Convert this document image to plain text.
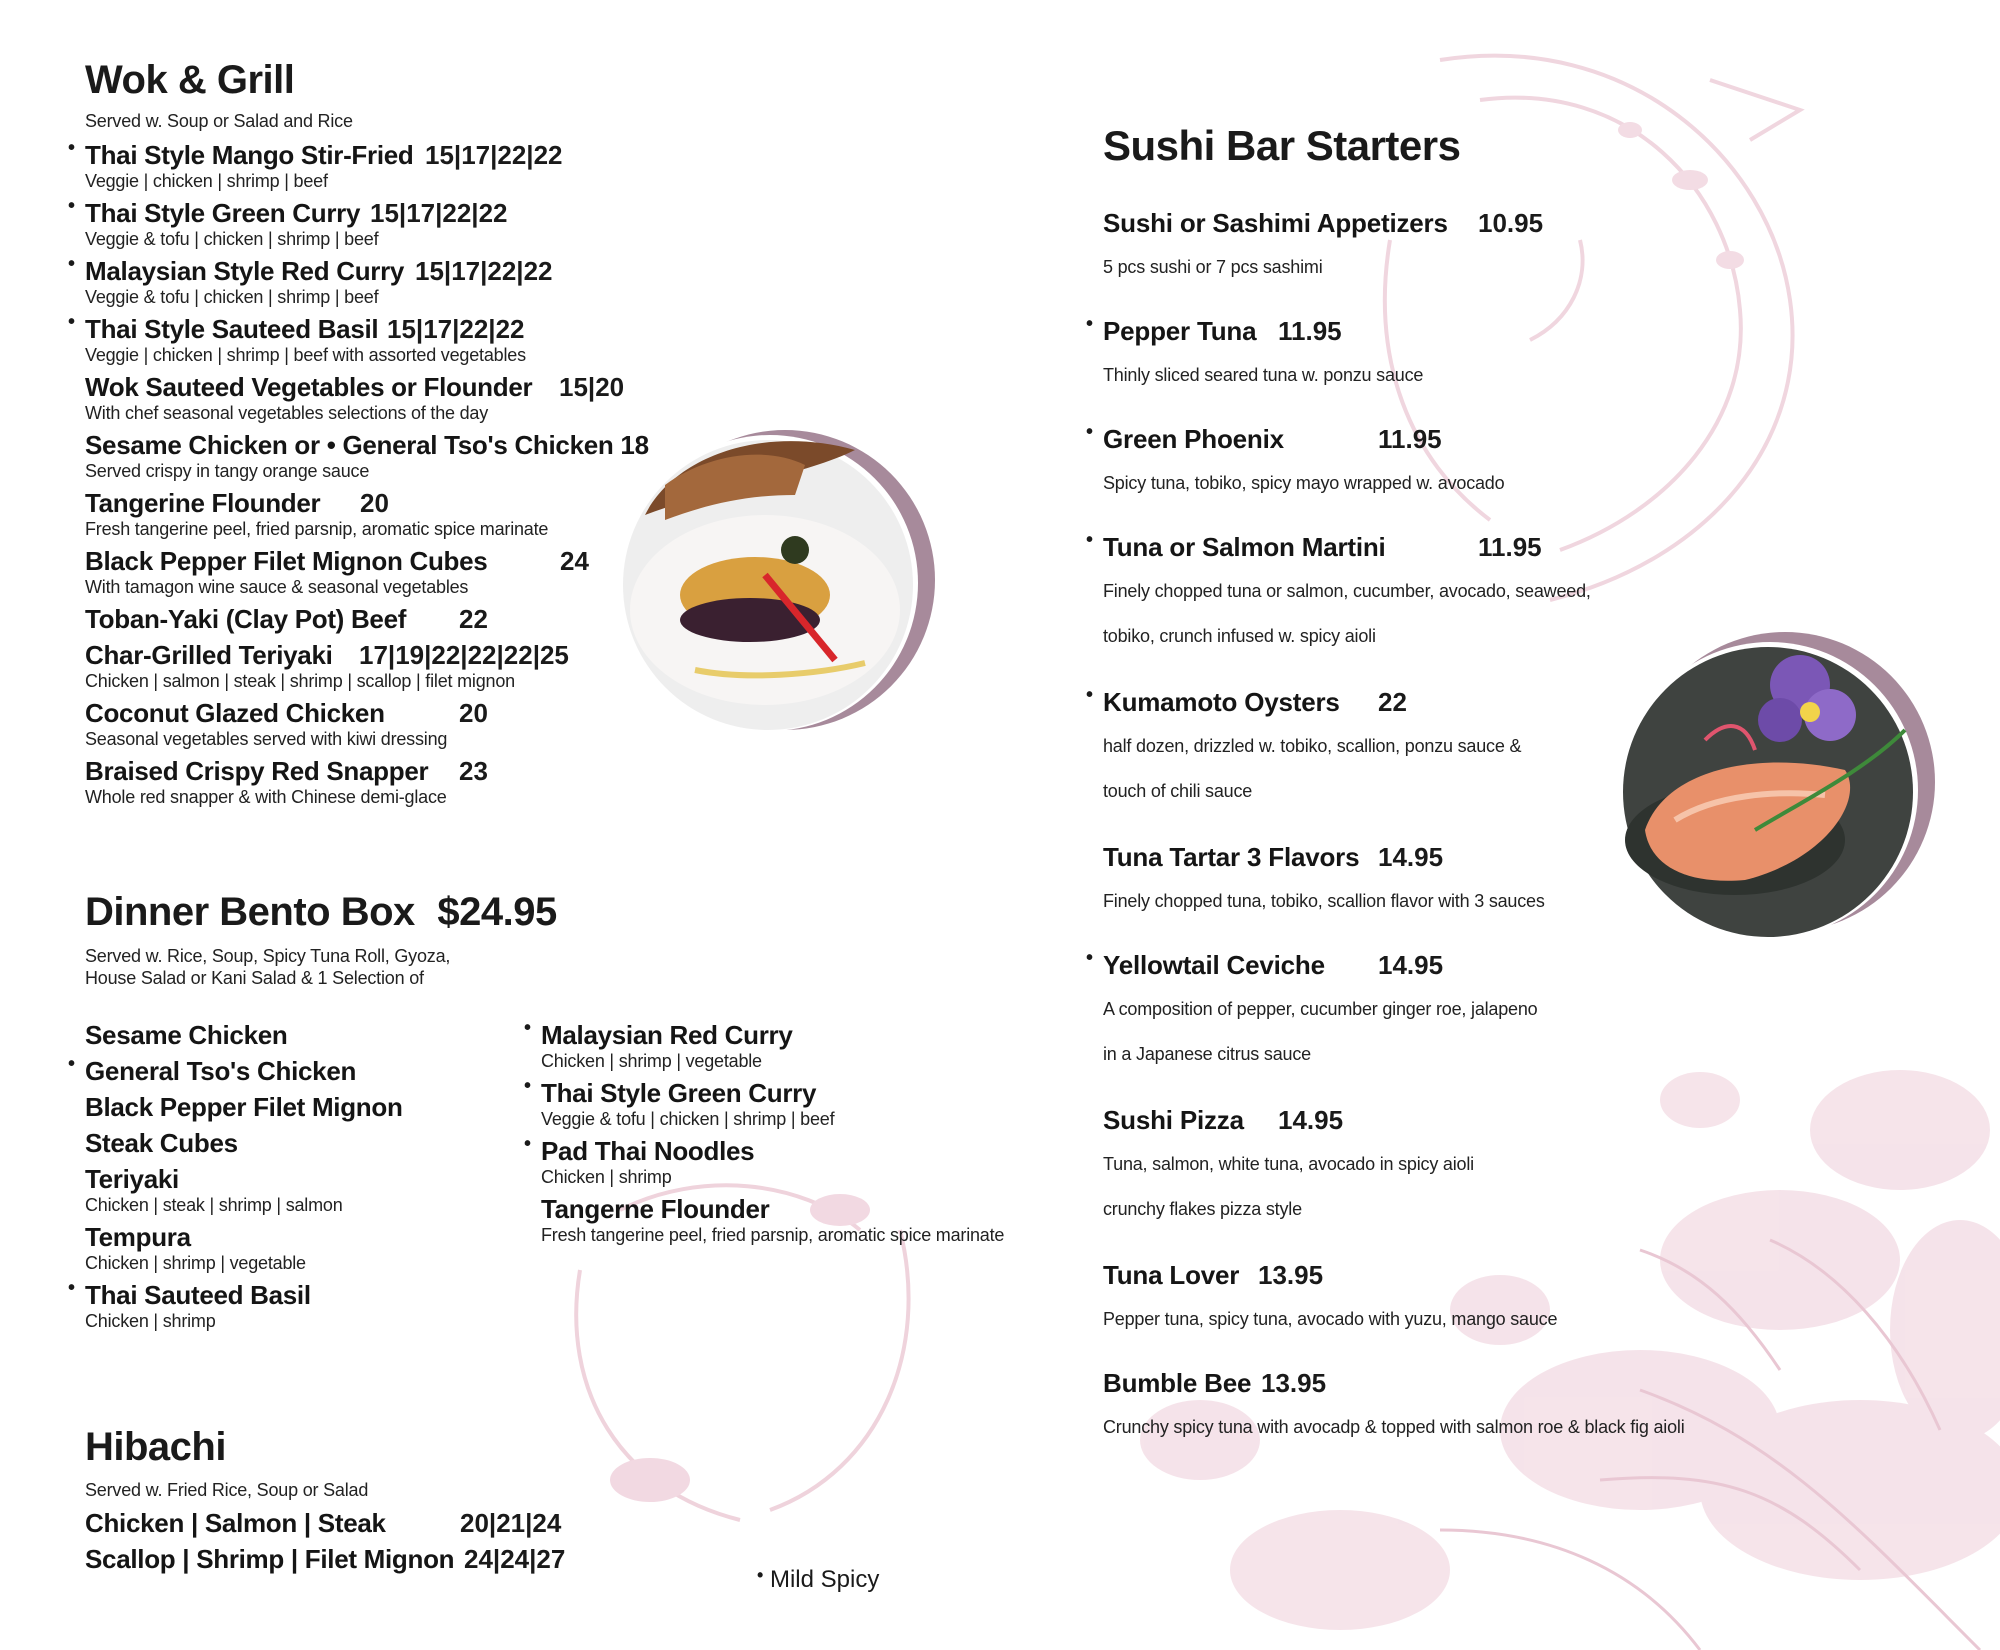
Wok & Grill
Served w. Soup or Salad and Rice
• Thai Style Mango Stir-Fried 15|17|22|22
Veggie | chicken | shrimp | beef
• Thai Style Green Curry 15|17|22|22
Veggie & tofu | chicken | shrimp | beef
• Malaysian Style Red Curry 15|17|22|22
Veggie & tofu | chicken | shrimp | beef
• Thai Style Sauteed Basil 15|17|22|22
Veggie | chicken | shrimp | beef with assorted vegetables
Wok Sauteed Vegetables or Flounder 15|20
With chef seasonal vegetables selections of the day
Sesame Chicken or • General Tso's Chicken 18
Served crispy in tangy orange sauce
Tangerine Flounder 20
Fresh tangerine peel, fried parsnip, aromatic spice marinate
Black Pepper Filet Mignon Cubes	24
With tamagon wine sauce & seasonal vegetables
Toban-Yaki (Clay Pot) Beef 22
Char-Grilled Teriyaki 17|19|22|22|22|25
Chicken | salmon | steak | shrimp | scallop | filet mignon
Coconut Glazed Chicken	20
Seasonal vegetables served with kiwi dressing
Braised Crispy Red Snapper 23
Whole red snapper & with Chinese demi-glace
Dinner Bento Box $24.95
Served w. Rice, Soup, Spicy Tuna Roll, Gyoza,
House Salad or Kani Salad & 1 Selection of
Sesame Chicken
• General Tso's Chicken
Black Pepper Filet Mignon
Steak Cubes
Teriyaki
Chicken | steak | shrimp | salmon
Tempura
Chicken | shrimp | vegetable
• Thai Sauteed Basil
Chicken | shrimp
• Malaysian Red Curry
Chicken | shrimp | vegetable
• Thai Style Green Curry
Veggie & tofu | chicken | shrimp | beef
• Pad Thai Noodles
Chicken | shrimp
Tangerne Flounder
Fresh tangerine peel, fried parsnip, aromatic spice marinate
Hibachi
Served w. Fried Rice, Soup or Salad
Chicken | Salmon | Steak	20|21|24
Scallop | Shrimp | Filet Mignon 24|24|27
• Mild Spicy
Sushi Bar Starters
Sushi or Sashimi Appetizers 10.95
5 pcs sushi or 7 pcs sashimi
• Pepper Tuna 11.95
Thinly sliced seared tuna w. ponzu sauce
• Green Phoenix	11.95
Spicy tuna, tobiko, spicy mayo wrapped w. avocado
• Tuna or Salmon Martini	11.95
Finely chopped tuna or salmon, cucumber, avocado, seaweed,
tobiko, crunch infused w. spicy aioli
• Kumamoto Oysters 22
half dozen, drizzled w. tobiko, scallion, ponzu sauce &
touch of chili sauce
Tuna Tartar 3 Flavors 14.95
Finely chopped tuna, tobiko, scallion flavor with 3 sauces
• Yellowtail Ceviche 14.95
A composition of pepper, cucumber ginger roe, jalapeno
in a Japanese citrus sauce
Sushi Pizza 14.95
Tuna, salmon, white tuna, avocado in spicy aioli
crunchy flakes pizza style
Tuna Lover 13.95
Pepper tuna, spicy tuna, avocado with yuzu, mango sauce
Bumble Bee 13.95
Crunchy spicy tuna with avocadp & topped with salmon roe & black fig aioli
